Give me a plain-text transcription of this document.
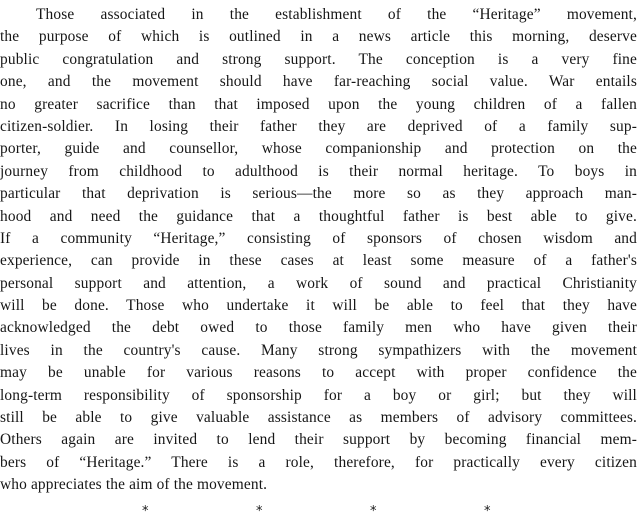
Those associated in the establishment of the “Heritage” movement,
the purpose of which is outlined in a news article this morning, deserve
public congratulation and strong support. The conception is a very fine
one, and the movement should have far-reaching social value. War entails
no greater sacrifice than that imposed upon the young children of a fallen
citizen-soldier. In losing their father they are deprived of a family sup-
porter, guide and counsellor, whose companionship and protection on the
journey from childhood to adulthood is their normal heritage. To boys in
particular that deprivation is serious—the more so as they approach man-
hood and need the guidance that a thoughtful father is best able to give.
If a community “Heritage,” consisting of sponsors of chosen wisdom and
experience, can provide in these cases at least some measure of a father's
personal support and attention, a work of sound and practical Christianity
will be done. Those who undertake it will be able to feel that they have
acknowledged the debt owed to those family men who have given their
lives in the country's cause. Many strong sympathizers with the movement
may be unable for various reasons to accept with proper confidence the
long-term responsibility of sponsorship for a boy or girl; but they will
still be able to give valuable assistance as members of advisory committees.
Others again are invited to lend their support by becoming financial mem-
bers of “Heritage.” There is a role, therefore, for practically every citizen
who appreciates the aim of the movement.
*	*	*	*
